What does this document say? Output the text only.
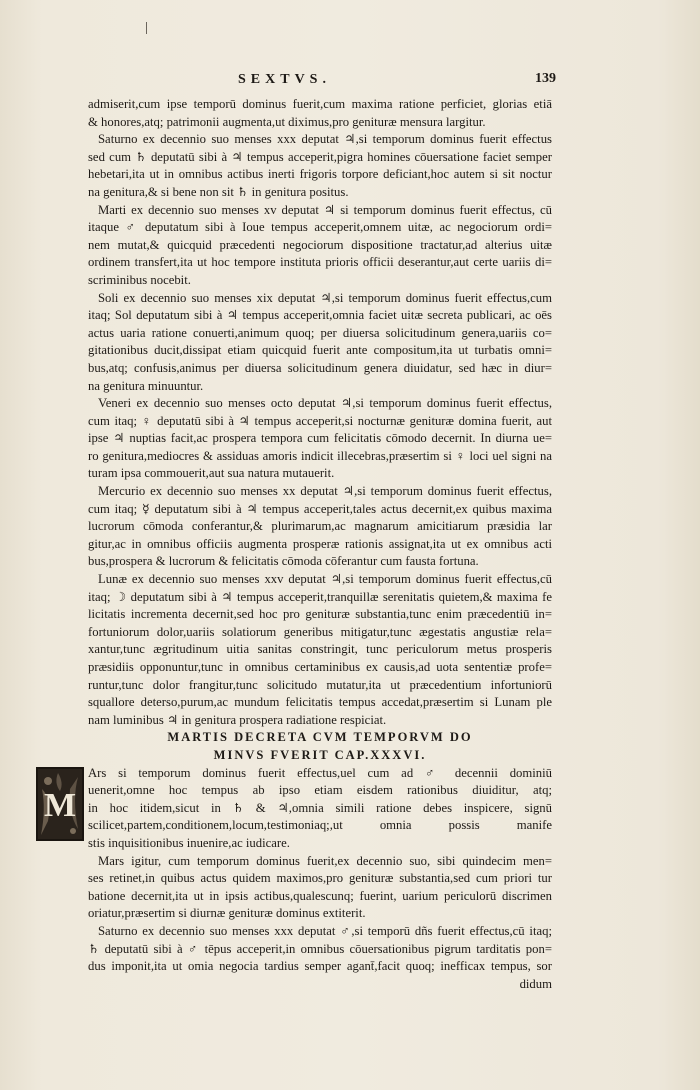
SEXTVS.	139
admiserit,cum ipse temporū dominus fuerit,cum maxima ratione perficiet, glorias etiā
& honores,atq; patrimonii augmenta,ut diximus,pro genituræ mensura largitur.
Saturno ex decennio suo menses xxx deputat ♃,si temporum dominus fuerit effectus
sed cum ♄ deputatū sibi à ♃ tempus acceperit,pigra homines cōuersatione faciet semper
hebetari,ita ut in omnibus actibus inerti frigoris torpore deficiant,hoc autem si sit noctur
na genitura,& si bene non sit ♄ in genitura positus.
Marti ex decennio suo menses xv deputat ♃ si temporum dominus fuerit effectus, cū
itaque ♂ deputatum sibi à Ioue tempus acceperit,omnem uitæ, ac negociorum ordi=
nem mutat,& quicquid præcedenti negociorum dispositione tractatur,ad alterius uitæ
ordinem transfert,ita ut hoc tempore instituta prioris officii deserantur,aut certe uariis di=
scriminibus nocebit.
Soli ex decennio suo menses xix deputat ♃,si temporum dominus fuerit effectus,cum
itaq; Sol deputatum sibi à ♃ tempus acceperit,omnia faciet uitæ secreta publicari, ac oēs
actus uaria ratione conuerti,animum quoq; per diuersa solicitudinum genera,uariis co=
gitationibus ducit,dissipat etiam quicquid fuerit ante compositum,ita ut turbatis omni=
bus,atq; confusis,animus per diuersa solicitudinum genera diuidatur, sed hæc in diur=
na genitura minuuntur.
Veneri ex decennio suo menses octo deputat ♃,si temporum dominus fuerit effectus,
cum itaq; ♀ deputatū sibi à ♃ tempus acceperit,si nocturnæ genituræ domina fuerit, aut
ipse ♃ nuptias facit,ac prospera tempora cum felicitatis cōmodo decernit. In diurna ue=
ro genitura,mediocres & assiduas amoris indicit illecebras,præsertim si ♀ loci uel signi na
turam ipsa commouerit,aut sua natura mutauerit.
Mercurio ex decennio suo menses xx deputat ♃,si temporum dominus fuerit effectus,
cum itaq; ☿ deputatum sibi à ♃ tempus acceperit,tales actus decernit,ex quibus maxima
lucrorum cōmoda conferantur,& plurimarum,ac magnarum amicitiarum præsidia lar
gitur,ac in omnibus officiis augmenta prosperæ rationis assignat,ita ut ex omnibus acti
bus,prospera & lucrorum & felicitatis cōmoda cōferantur cum fausta fortuna.
Lunæ ex decennio suo menses xxv deputat ♃,si temporum dominus fuerit effectus,cū
itaq; ☽ deputatum sibi à ♃ tempus acceperit,tranquillæ serenitatis quietem,& maxima fe
licitatis incrementa decernit,sed hoc pro genituræ substantia,tunc enim præcedentiū in=
fortuniorum dolor,uariis solatiorum generibus mitigatur,tunc ægestatis angustiæ rela=
xantur,tunc ægritudinum uitia sanitas constringit, tunc periculorum metus prosperis
præsidiis opponuntur,tunc in omnibus certaminibus ex causis,ad uota sententiæ profe=
runtur,tunc dolor frangitur,tunc solicitudo mutatur,ita ut præcedentium infortuniorū
squallore deterso,purum,ac mundum felicitatis tempus accedat,præsertim si Lunam ple
nam luminibus ♃ in genitura prospera radiatione respiciat.
MARTIS DECRETA CVM TEMPORVM DO
MINVS FVERIT CAP.XXXVI.
M
Ars si temporum dominus fuerit effectus,uel cum ad ♂ decennii dominiū
uenerit,omne hoc tempus ab ipso etiam eisdem rationibus diuiditur, atq;
in hoc itidem,sicut in ♄ & ♃,omnia simili ratione debes inspicere, signū
scilicet,partem,conditionem,locum,testimoniaq;,ut omnia possis manife
stis inquisitionibus inuenire,ac iudicare.
Mars igitur, cum temporum dominus fuerit,ex decennio suo, sibi quindecim men=
ses retinet,in quibus actus quidem maximos,pro genituræ substantia,sed cum priori tur
batione decernit,ita ut in ipsis actibus,qualescunq; fuerint, uarium periculorū discrimen
oriatur,præsertim si diurnæ genituræ dominus extiterit.
Saturno ex decennio suo menses xxx deputat ♂,si temporū dñs fuerit effectus,cū itaq;
♄ deputatū sibi à ♂ tēpus acceperit,in omnibus cōuersationibus pigrum tarditatis pon=
dus imponit,ita ut omia negocia tardius semper agant̄,facit quoq; inefficax tempus, sor
didum
